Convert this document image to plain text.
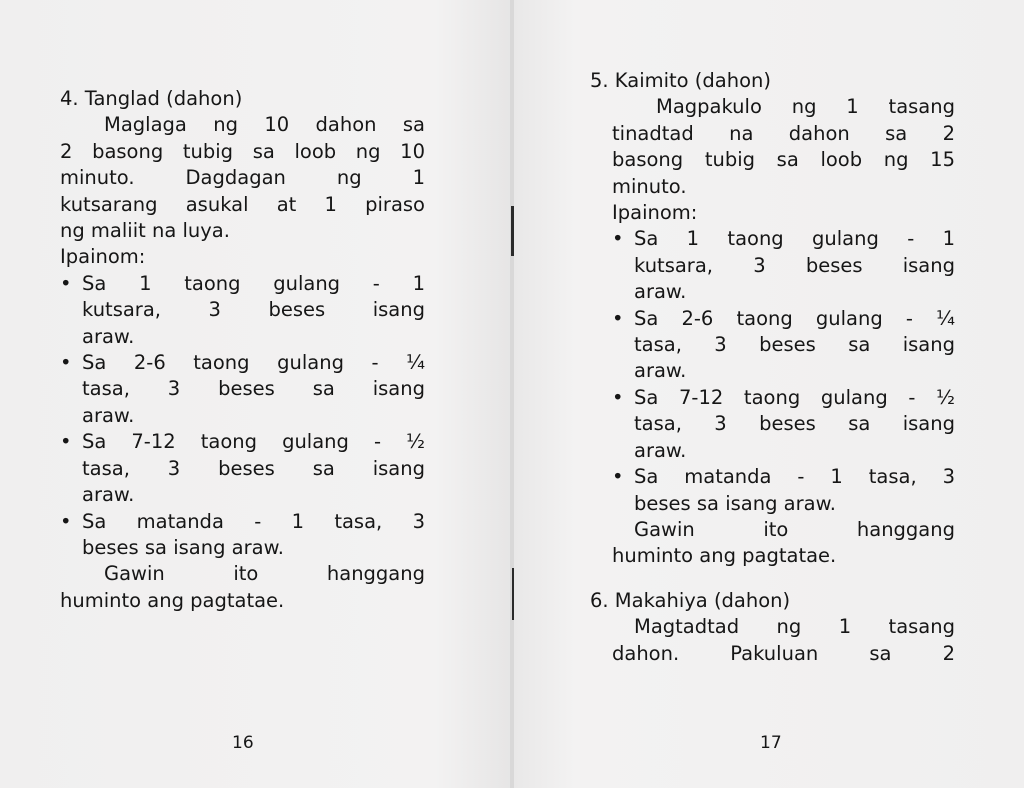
4. Tanglad (dahon)
Maglaga ng 10 dahon sa
2 basong tubig sa loob ng 10
minuto. Dagdagan ng 1
kutsarang asukal at 1 piraso
ng maliit na luya.
Ipainom:
• Sa 1 taong gulang - 1
kutsara, 3 beses isang
araw.
• Sa 2-6 taong gulang - ¼
tasa, 3 beses sa isang
araw.
• Sa 7-12 taong gulang - ½
tasa, 3 beses sa isang
araw.
• Sa matanda - 1 tasa, 3
beses sa isang araw.
Gawin ito hanggang
huminto ang pagtatae.
16
5. Kaimito (dahon)
Magpakulo ng 1 tasang
tinadtad na dahon sa 2
basong tubig sa loob ng 15
minuto.
Ipainom:
• Sa 1 taong gulang - 1
kutsara, 3 beses isang
araw.
• Sa 2-6 taong gulang - ¼
tasa, 3 beses sa isang
araw.
• Sa 7-12 taong gulang - ½
tasa, 3 beses sa isang
araw.
• Sa matanda - 1 tasa, 3
beses sa isang araw.
Gawin ito hanggang
huminto ang pagtatae.
6. Makahiya (dahon)
Magtadtad ng 1 tasang
dahon. Pakuluan sa 2
17
